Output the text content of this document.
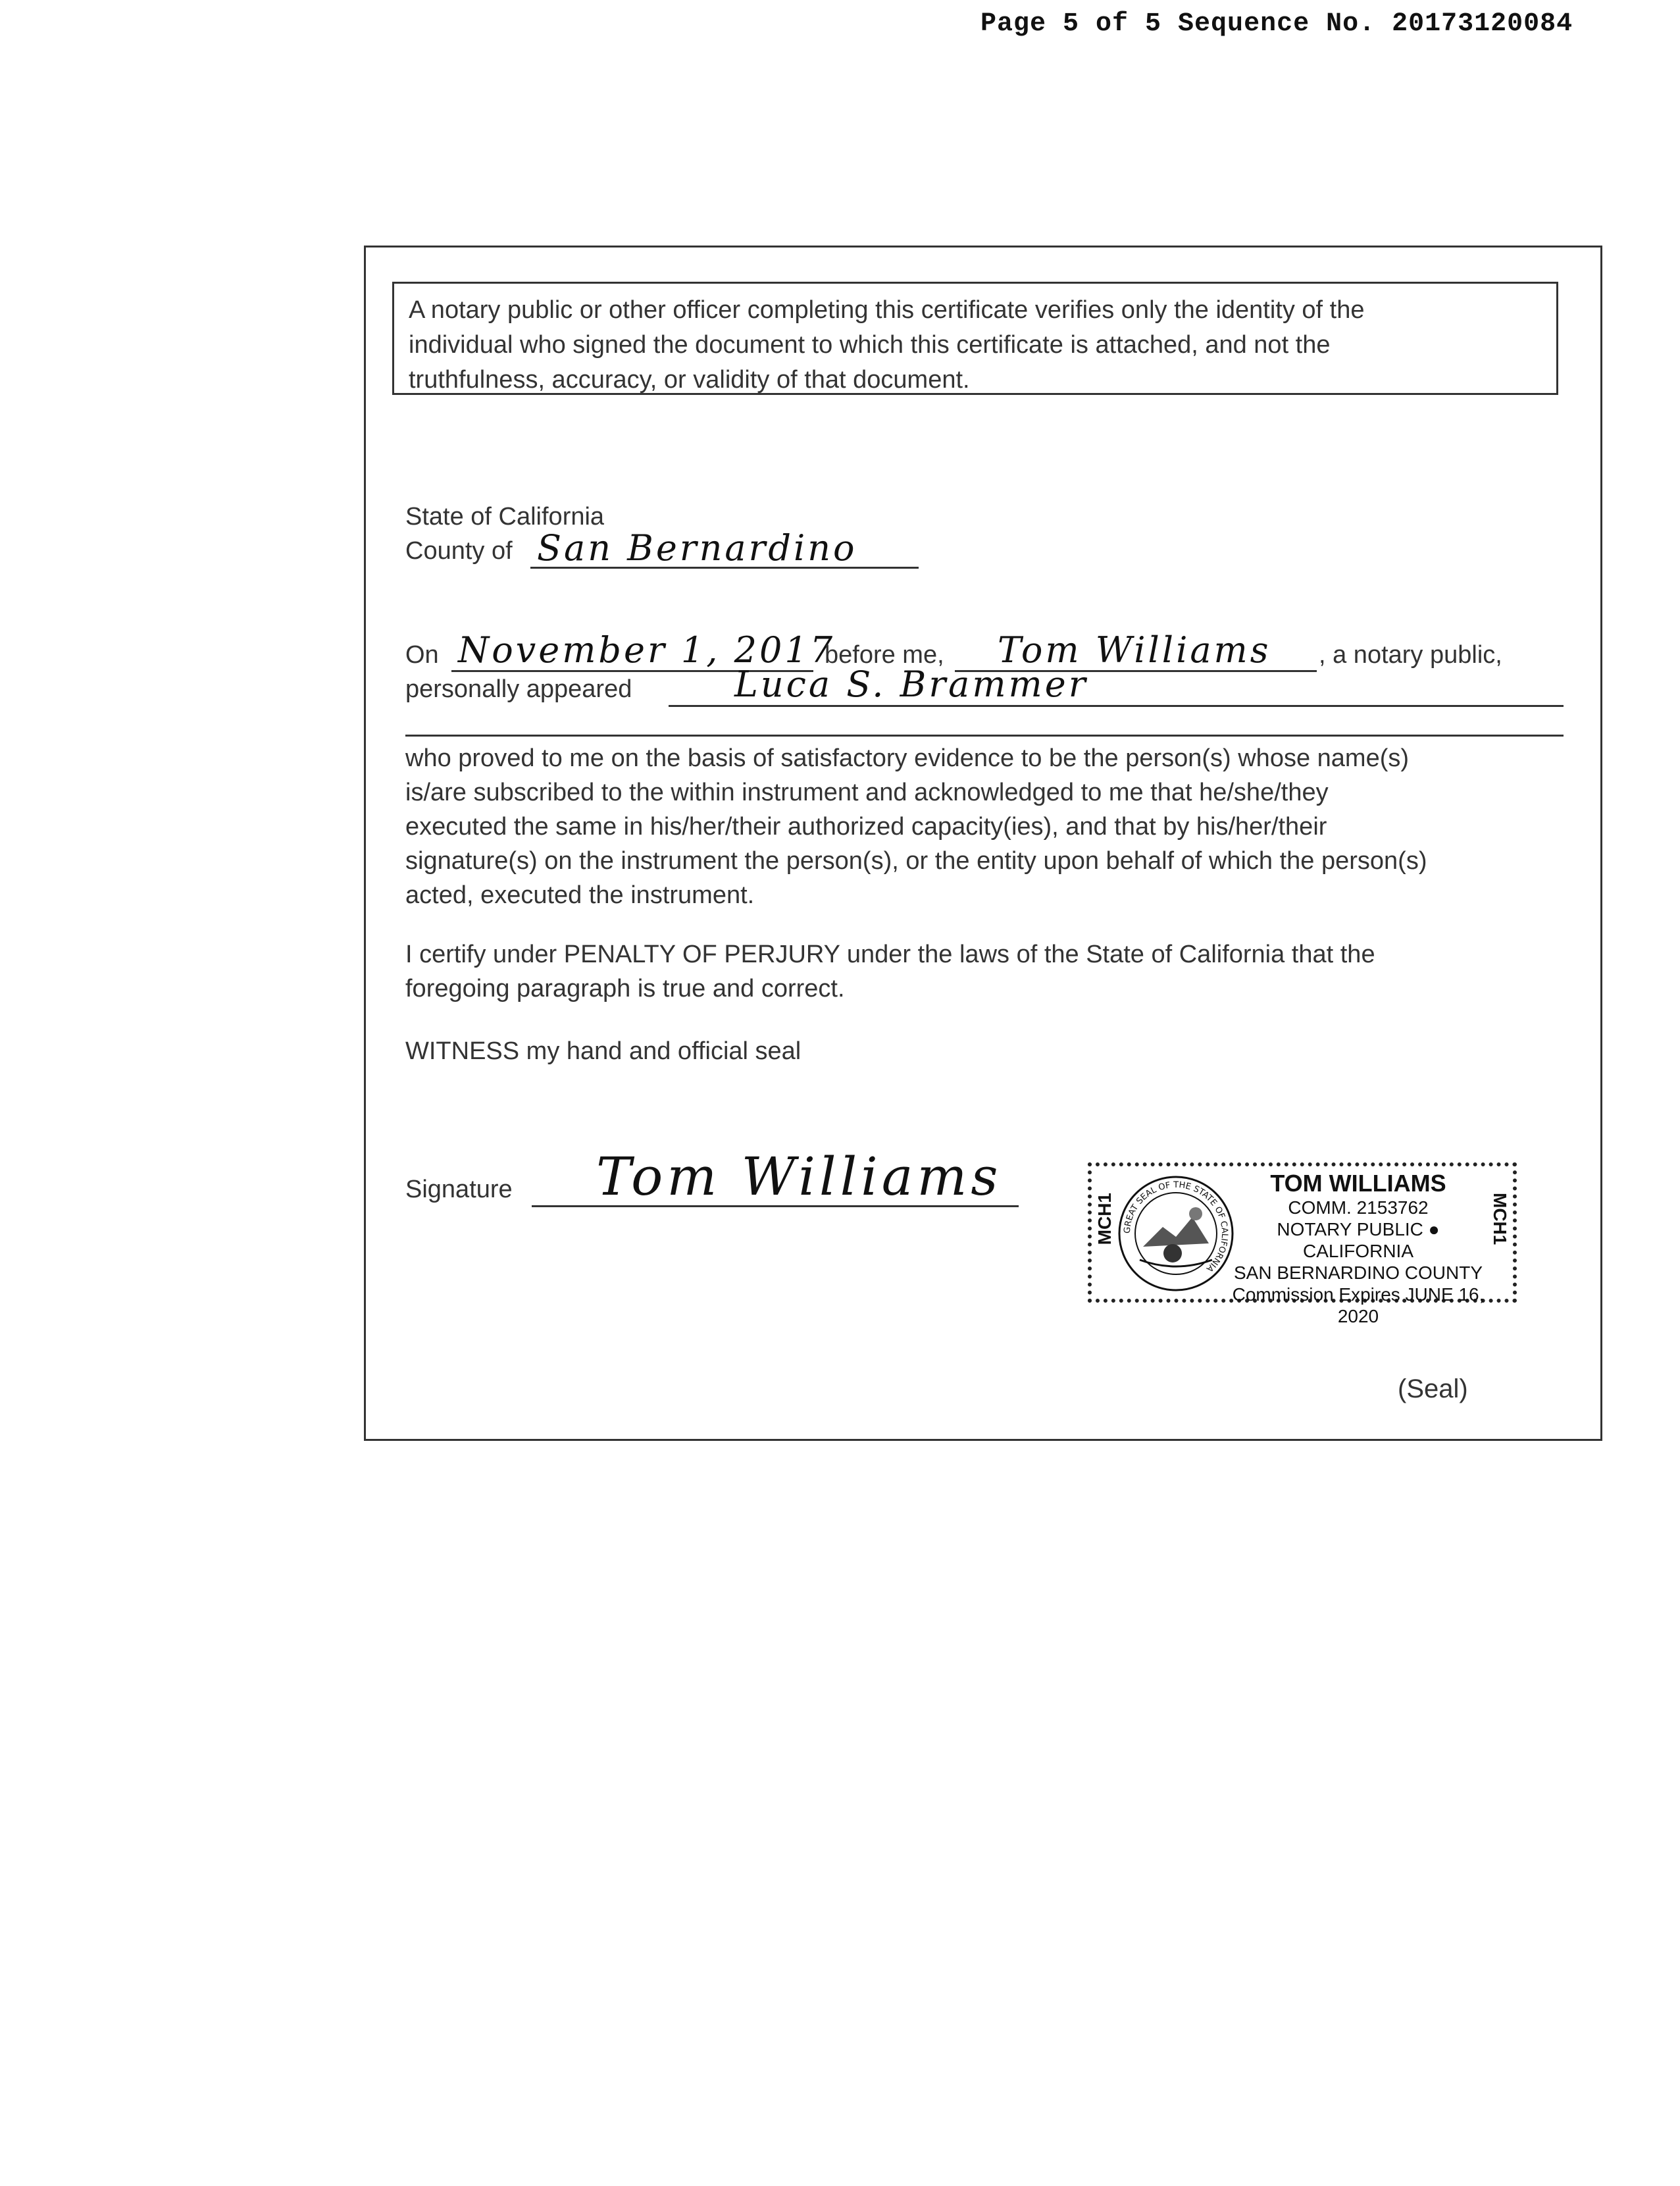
Page 5 of 5 Sequence No. 20173120084
A notary public or other officer completing this certificate verifies only the identity of the
individual who signed the document to which this certificate is attached, and not the
truthfulness, accuracy, or validity of that document.
State of California
County of San Bernardino
On November 1, 2017
before me, Tom Williams , a notary public,
personally appeared	Luca S. Brammer
who proved to me on the basis of satisfactory evidence to be the person(s) whose name(s)
is/are subscribed to the within instrument and acknowledged to me that he/she/they
executed the same in his/her/their authorized capacity(ies), and that by his/her/their
signature(s) on the instrument the person(s), or the entity upon behalf of which the person(s)
acted, executed the instrument.
I certify under PENALTY OF PERJURY under the laws of the State of California that the
foregoing paragraph is true and correct.
WITNESS my hand and official seal
Signature Tom Williams
MCH1 GREAT SEAL OF THE STATE OF CALIFORNIA
TOM WILLIAMS
COMM. 2153762
NOTARY PUBLIC ● CALIFORNIA
SAN BERNARDINO COUNTY
Commission Expires JUNE 16, 2020
MCH1
(Seal)
